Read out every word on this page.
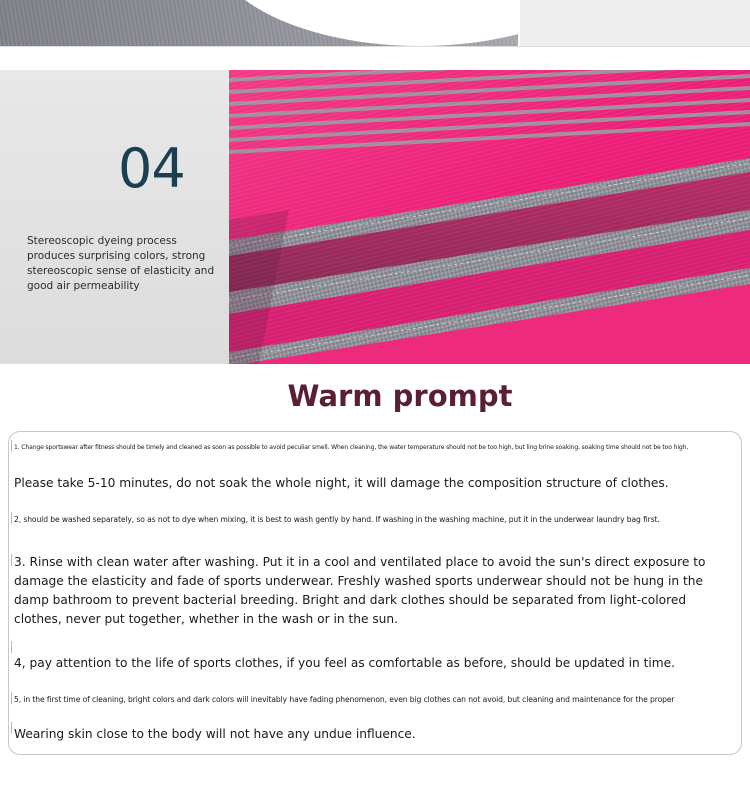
04

Stereoscopic dyeing process produces surprising colors, strong stereoscopic sense of elasticity and good air permeability

Warm prompt

1. Change sportswear after fitness should be timely and cleaned as soon as possible to avoid peculiar smell. When cleaning, the water temperature should not be too high, but ling brine soaking, soaking time should not be too high,

Please take 5-10 minutes, do not soak the whole night, it will damage the composition structure of clothes.

2, should be washed separately, so as not to dye when mixing, it is best to wash gently by hand. If washing in the washing machine, put it in the underwear laundry bag first.

3. Rinse with clean water after washing. Put it in a cool and ventilated place to avoid the sun's direct exposure to damage the elasticity and fade of sports underwear. Freshly washed sports underwear should not be hung in the damp bathroom to prevent bacterial breeding. Bright and dark clothes should be separated from light-colored clothes, never put together, whether in the wash or in the sun.

4, pay attention to the life of sports clothes, if you feel as comfortable as before, should be updated in time.

5, in the first time of cleaning, bright colors and dark colors will inevitably have fading phenomenon, even big clothes can not avoid, but cleaning and maintenance for the proper

Wearing skin close to the body will not have any undue influence.
